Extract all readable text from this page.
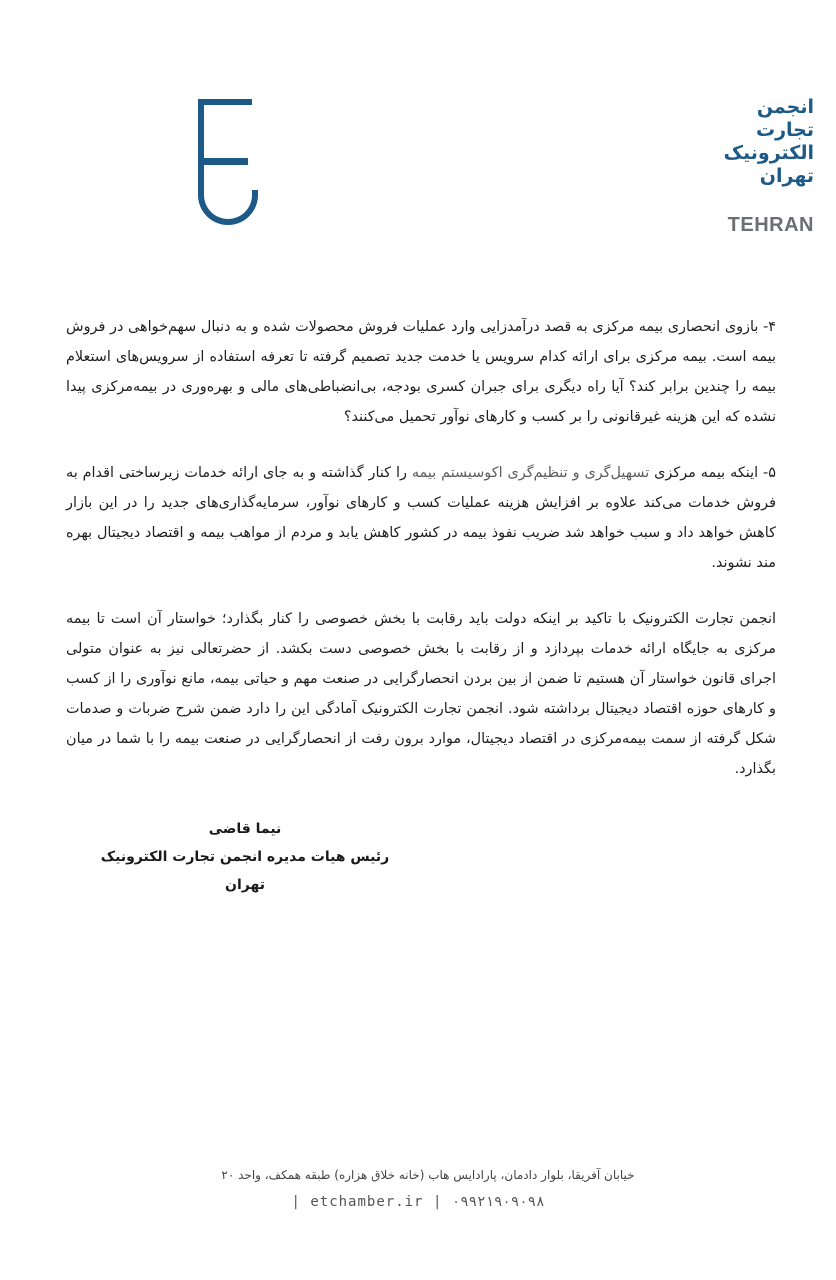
انجمن
تجارت
الکترونیک
تهران
TEHRAN

۴- بازوی انحصاری بیمه مرکزی به قصد درآمدزایی وارد عملیات فروش محصولات شده و به دنبال سهم‌خواهی در فروش بیمه است. بیمه مرکزی برای ارائه کدام سرویس یا خدمت جدید تصمیم گرفته تا تعرفه استفاده از سرویس‌های استعلام بیمه را چندین برابر کند؟ آیا راه دیگری برای جبران کسری بودجه، بی‌انضباطی‌های مالی و بهره‌وری در بیمه‌مرکزی پیدا نشده که این هزینه غیرقانونی را بر کسب و کارهای نوآور تحمیل می‌کنند؟

۵- اینکه بیمه مرکزی تسهیل‌گری و تنظیم‌گری اکوسیستم بیمه را کنار گذاشته و به جای ارائه خدمات زیرساختی اقدام به فروش خدمات می‌کند علاوه بر افزایش هزینه عملیات کسب و کارهای نوآور، سرمایه‌گذاری‌های جدید را در این بازار کاهش خواهد داد و سبب خواهد شد ضریب نفوذ بیمه در کشور کاهش یابد و مردم از مواهب بیمه و اقتصاد دیجیتال بهره مند نشوند.

انجمن تجارت الکترونیک با تاکید بر اینکه دولت باید رقابت با بخش خصوصی را کنار بگذارد؛ خواستار آن است تا بیمه مرکزی به جایگاه ارائه خدمات بپردازد و از رقابت با بخش خصوصی دست بکشد. از حضرتعالی نیز به عنوان متولی اجرای قانون خواستار آن هستیم تا ضمن از بین بردن انحصارگرایی در صنعت مهم و حیاتی بیمه، مانع نوآوری را از کسب و کارهای حوزه اقتصاد دیجیتال برداشته شود. انجمن تجارت الکترونیک آمادگی این را دارد ضمن شرح ضربات و صدمات شکل گرفته از سمت بیمه‌مرکزی در اقتصاد دیجیتال، موارد برون رفت از انحصارگرایی در صنعت بیمه را با شما در میان بگذارد.

نیما قاضی
رئیس هیات مدیره انجمن تجارت الکترونیک تهران
خیابان آفریقا، بلوار دادمان، پارادایس هاب (خانه خلاق هزاره) طبقه همکف، واحد ۲۰
| etchamber.ir | ۰۹۹۲۱۹۰۹۰۹۸
